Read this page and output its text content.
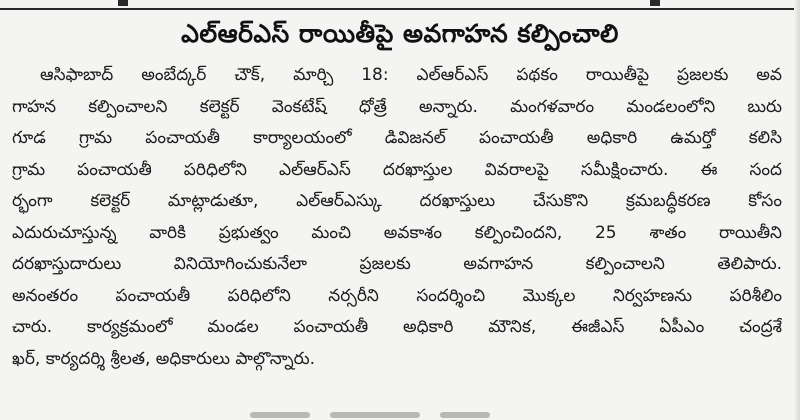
ఎల్ఆర్ఎస్ రాయితీపై అవగాహన కల్పించాలి
ఆసిఫాబాద్ అంబేద్కర్ చౌక్, మార్చి 18: ఎల్ఆర్ఎస్ పథకం రాయితీపై ప్రజలకు అవ
గాహన కల్పించాలని కలెక్టర్ వెంకటేష్ ధోత్రే అన్నారు. మంగళవారం మండలంలోని బురు
గూడ గ్రామ పంచాయతీ కార్యాలయంలో డివిజనల్ పంచాయతీ అధికారి ఉమర్తో కలిసి
గ్రామ పంచాయతీ పరిధిలోని ఎల్ఆర్ఎస్ దరఖాస్తుల వివరాలపై సమీక్షించారు. ఈ సంద
ర్భంగా కలెక్టర్ మాట్లాడుతూ, ఎల్ఆర్ఎస్కు దరఖాస్తులు చేసుకొని క్రమబద్ధీకరణ కోసం
ఎదురుచూస్తున్న వారికి ప్రభుత్వం మంచి అవకాశం కల్పించిందని, 25 శాతం రాయితీని
దరఖాస్తుదారులు వినియోగించుకునేలా ప్రజలకు అవగాహన కల్పించాలని తెలిపారు.
అనంతరం పంచాయతీ పరిధిలోని నర్సరీని సందర్శించి మొక్కల నిర్వహణను పరిశీలిం
చారు. కార్యక్రమంలో మండల పంచాయతీ అధికారి మౌనిక, ఈజీఎస్ ఏపీఎం చంద్రశే
ఖర్, కార్యదర్శి శ్రీలత, అధికారులు పాల్గొన్నారు.
